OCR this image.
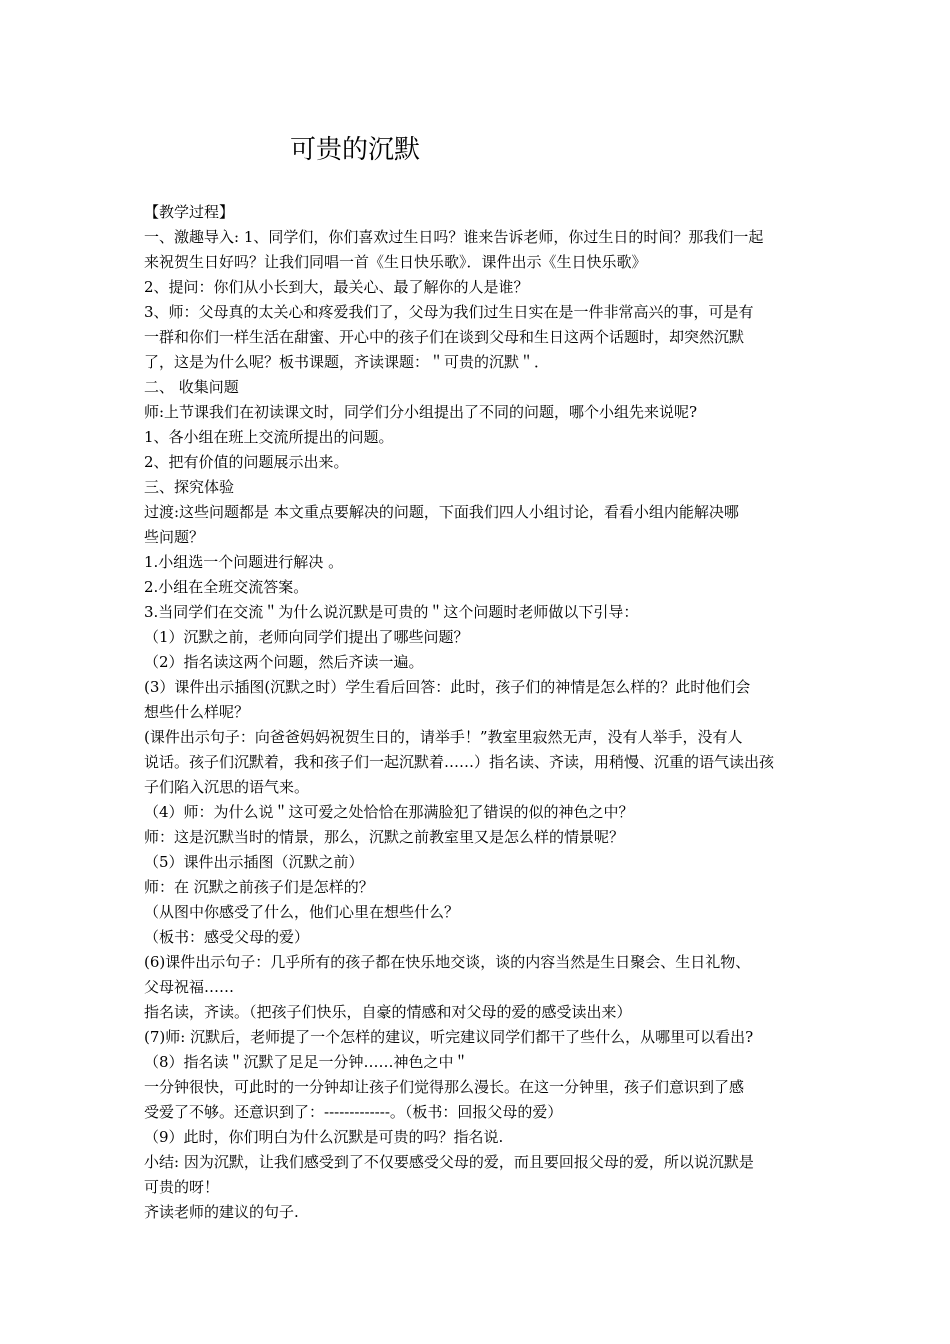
可贵的沉默

【教学过程】

一、激趣导入: 1、同学们，你们喜欢过生日吗？谁来告诉老师，你过生日的时间？那我们一起

来祝贺生日好吗？让我们同唱一首《生日快乐歌》．课件出示《生日快乐歌》

2、提问：你们从小长到大，最关心、最了解你的人是谁？

3、师：父母真的太关心和疼爱我们了，父母为我们过生日实在是一件非常高兴的事，可是有

一群和你们一样生活在甜蜜、开心中的孩子们在谈到父母和生日这两个话题时，却突然沉默

了，这是为什么呢？板书课题，齐读课题：＂可贵的沉默＂．

二、 收集问题

师:上节课我们在初读课文时，同学们分小组提出了不同的问题，哪个小组先来说呢?

1、各小组在班上交流所提出的问题。

2、把有价值的问题展示出来。

三、探究体验

过渡:这些问题都是 本文重点要解决的问题，下面我们四人小组讨论，看看小组内能解决哪

些问题？

1.小组选一个问题进行解决 。

2.小组在全班交流答案。

3.当同学们在交流＂为什么说沉默是可贵的＂这个问题时老师做以下引导：

（1）沉默之前，老师向同学们提出了哪些问题？

（2）指名读这两个问题，然后齐读一遍。

(3）课件出示插图(沉默之时）学生看后回答：此时，孩子们的神情是怎么样的？此时他们会

想些什么样呢？

(课件出示句子：向爸爸妈妈祝贺生日的，请举手！”教室里寂然无声，没有人举手，没有人

说话。孩子们沉默着，我和孩子们一起沉默着……）指名读、齐读，用稍慢、沉重的语气读出孩

子们陷入沉思的语气来。

（4）师：为什么说＂这可爱之处恰恰在那满脸犯了错误的似的神色之中？

师：这是沉默当时的情景，那么，沉默之前教室里又是怎么样的情景呢？

（5）课件出示插图（沉默之前）

师：在 沉默之前孩子们是怎样的？

（从图中你感受了什么，他们心里在想些什么？

（板书：感受父母的爱）

(6)课件出示句子：几乎所有的孩子都在快乐地交谈，谈的内容当然是生日聚会、生日礼物、

父母祝福……

指名读，齐读。（把孩子们快乐，自豪的情感和对父母的爱的感受读出来）

(7)师: 沉默后，老师提了一个怎样的建议，听完建议同学们都干了些什么，从哪里可以看出?

（8）指名读＂沉默了足足一分钟……神色之中＂

一分钟很快，可此时的一分钟却让孩子们觉得那么漫长。在这一分钟里，孩子们意识到了感

受爱了不够。还意识到了：-------------。（板书：回报父母的爱）

（9）此时，你们明白为什么沉默是可贵的吗？指名说.

小结: 因为沉默，让我们感受到了不仅要感受父母的爱，而且要回报父母的爱，所以说沉默是

可贵的呀！

齐读老师的建议的句子.
